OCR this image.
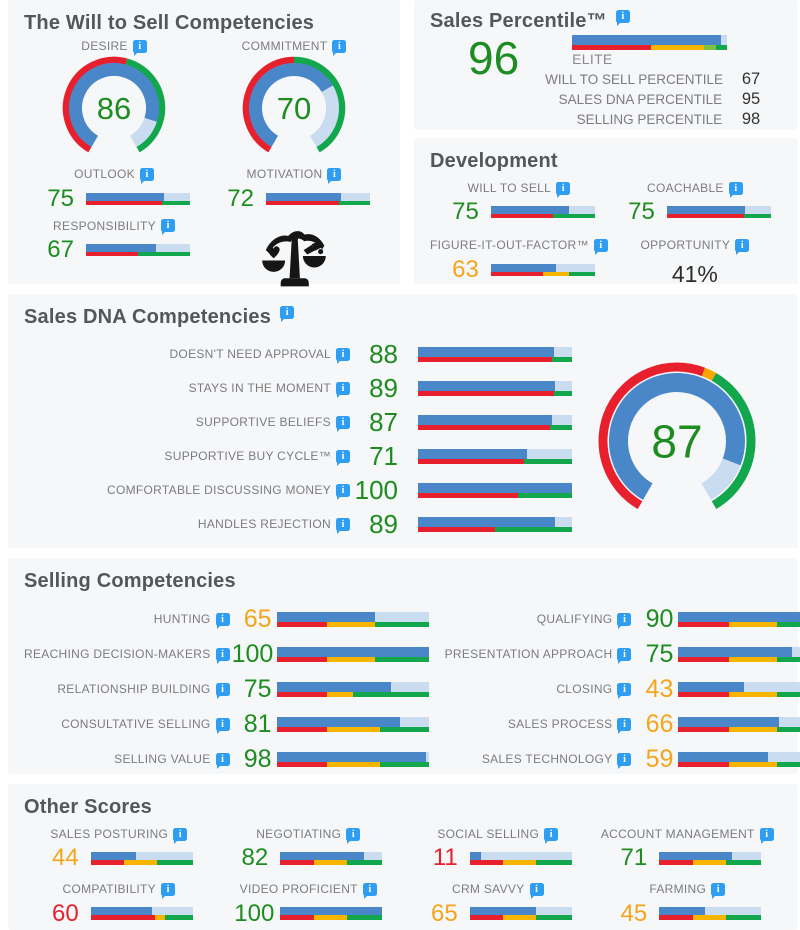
The Will to Sell Competencies
DESIRE
i
86
COMMITMENT
i
70
OUTLOOK
i
75
MOTIVATION
i
72
RESPONSIBILITY
i
67
Sales Percentile™
i
96	ELITE
WILL TO SELL PERCENTILE	67
SALES DNA PERCENTILE	95
SELLING PERCENTILE	98
Development
WILL TO SELL
i
75
COACHABLE
i
75
FIGURE-IT-OUT-FACTOR™
i
63
OPPORTUNITY
i
41%
Sales DNA Competencies
i
DOESN'T NEED APPROVAL i	88
STAYS IN THE MOMENT i	89
SUPPORTIVE BELIEFS i	87
SUPPORTIVE BUY CYCLE™ i	71
COMFORTABLE DISCUSSING MONEY i 100
HANDLES REJECTION i	89
87
Selling Competencies
HUNTING i	65
REACHING DECISION-MAKERS i 100
RELATIONSHIP BUILDING i	75
CONSULTATIVE SELLING i	81
SELLING VALUE i	98
QUALIFYING i	90
PRESENTATION APPROACH i	75
CLOSING i	43
SALES PROCESS i	66
SALES TECHNOLOGY i	59
Other Scores
SALES POSTURING
i
44
NEGOTIATING
i
82
SOCIAL SELLING
i
11
ACCOUNT MANAGEMENT
i
71
COMPATIBILITY
i
60
VIDEO PROFICIENT
i
100
CRM SAVVY
i
65
FARMING
i
45
